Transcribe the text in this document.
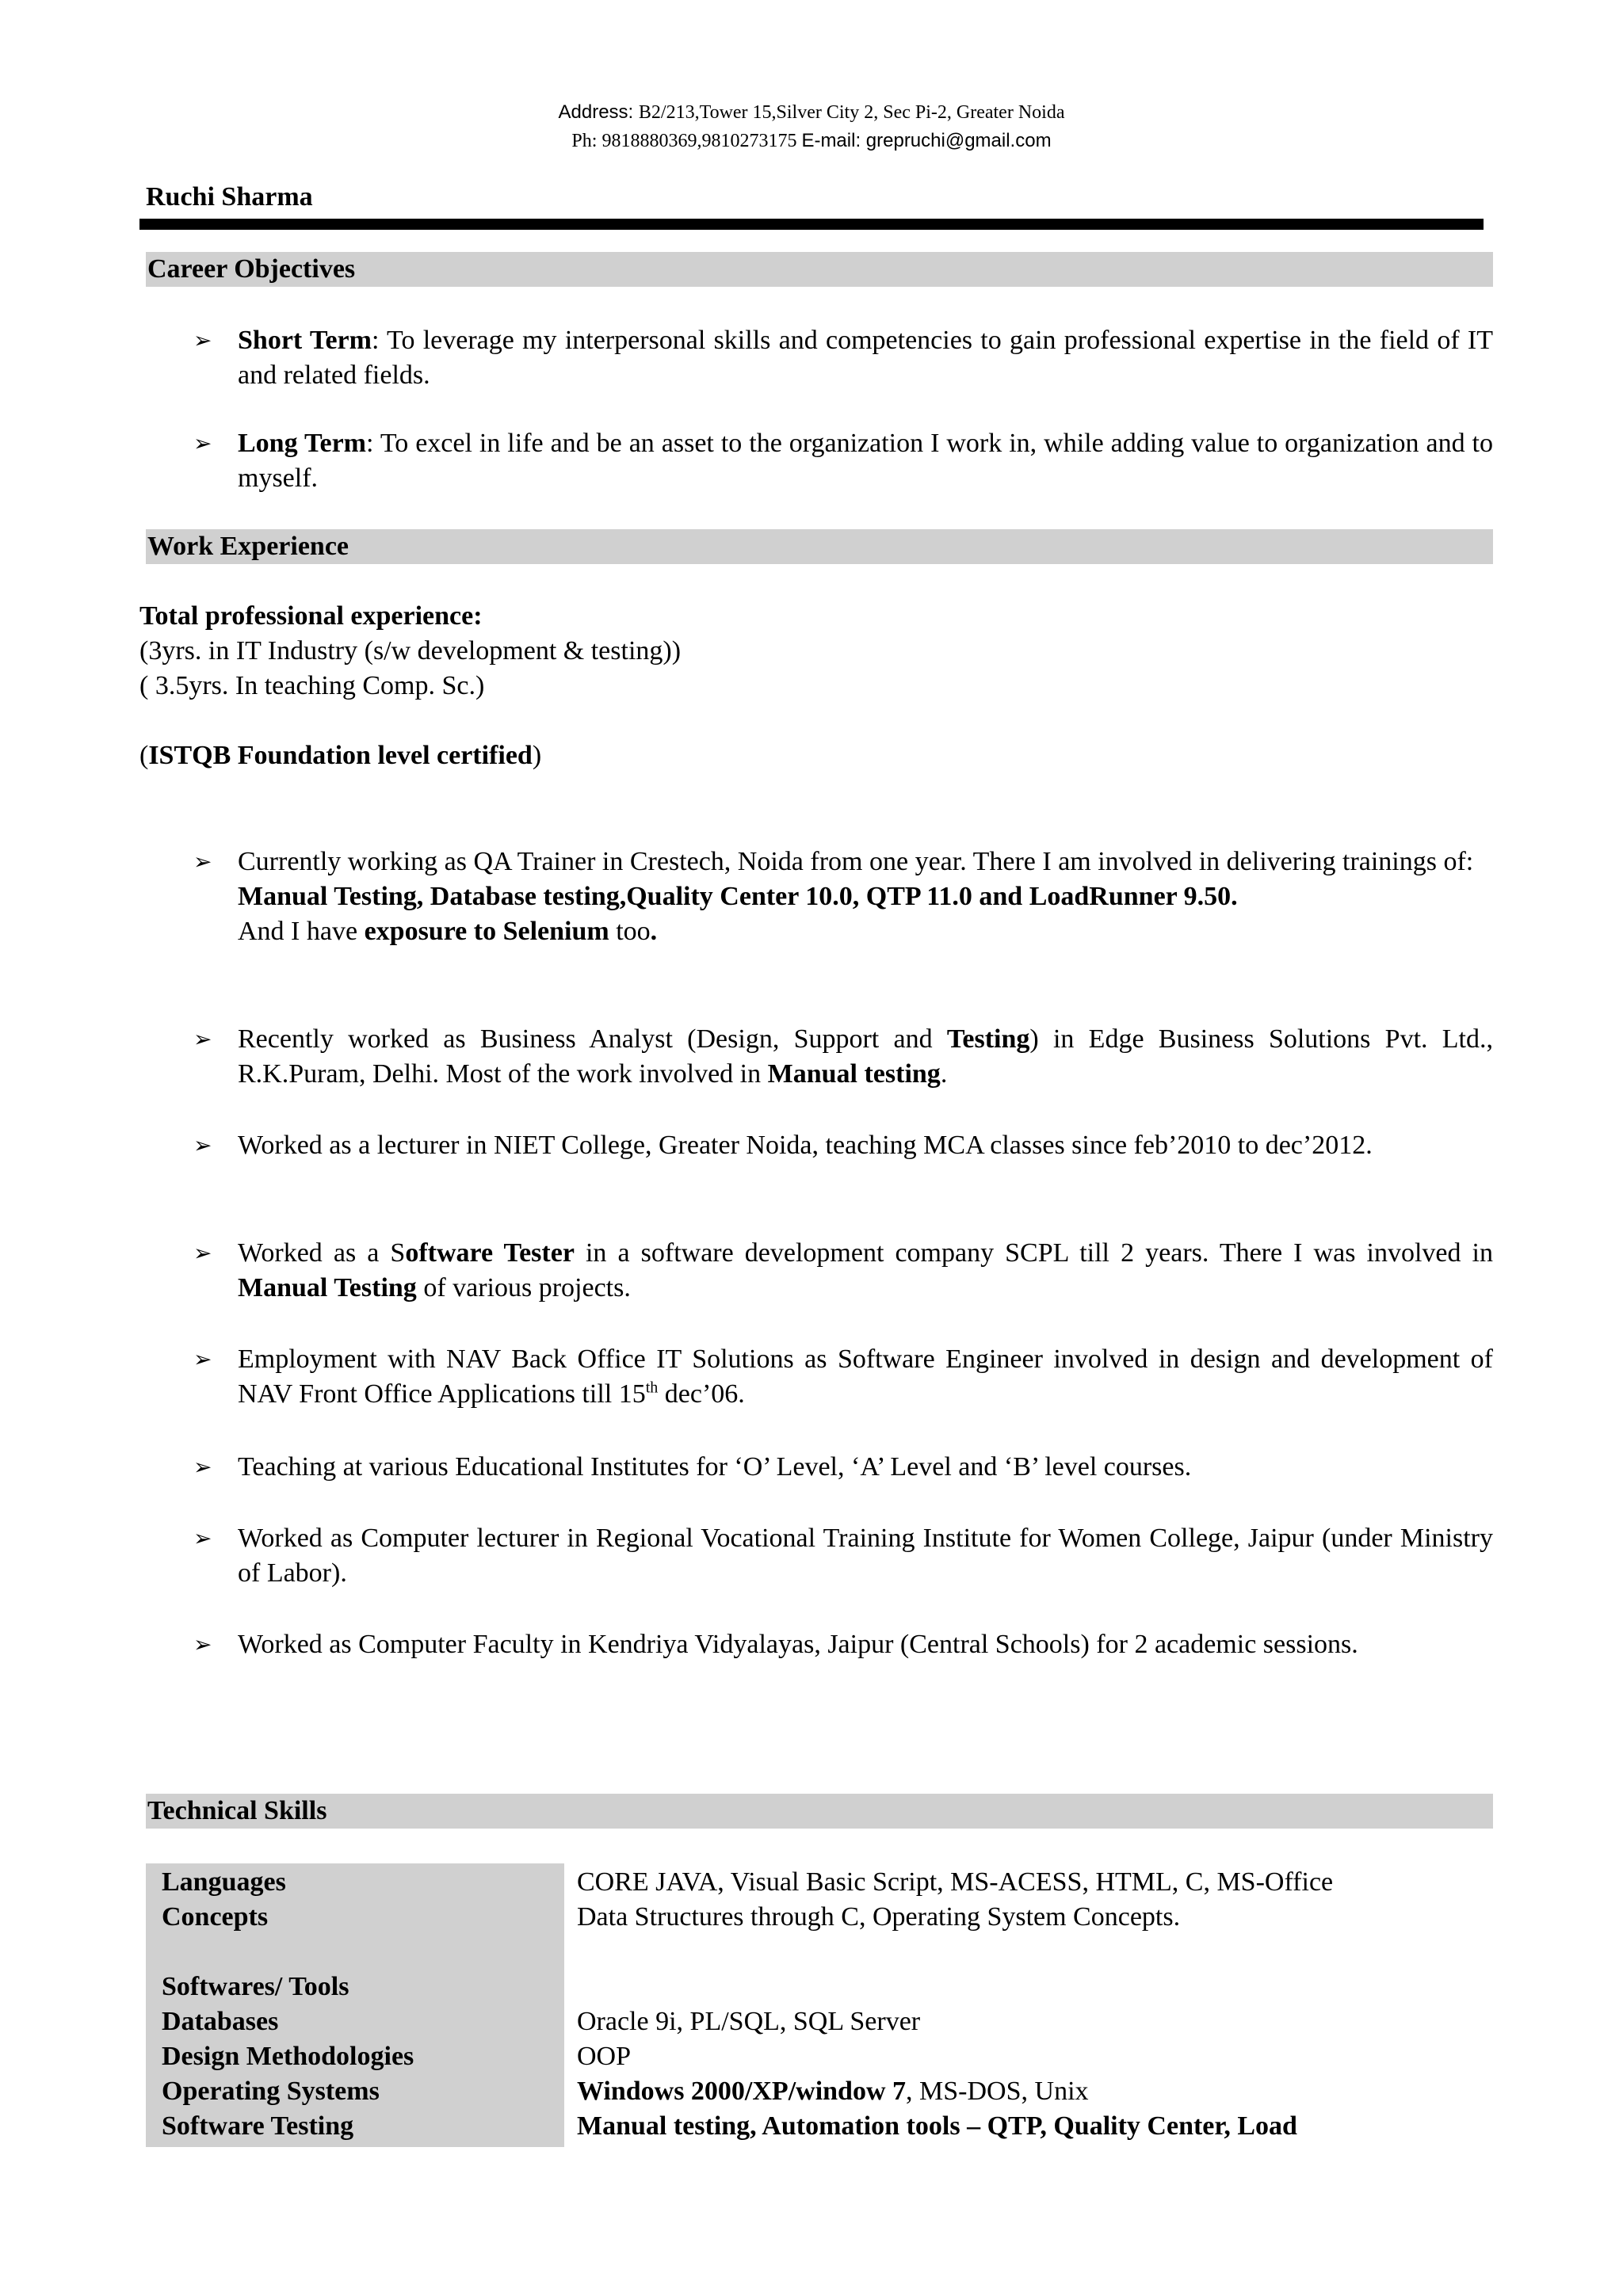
Address: B2/213,Tower 15,Silver City 2, Sec Pi-2, Greater Noida
Ph: 9818880369,9810273175 E-mail: grepruchi@gmail.com
Ruchi Sharma
Career Objectives
➢ Short Term: To leverage my interpersonal skills and competencies to gain professional expertise in the field of IT and related fields.
➢ Long Term: To excel in life and be an asset to the organization I work in, while adding value to organization and to myself.
Work Experience
Total professional experience:
(3yrs. in IT Industry (s/w development & testing))
( 3.5yrs. In teaching Comp. Sc.)
(ISTQB Foundation level certified)
➢ Currently working as QA Trainer in Crestech, Noida from one year. There I am involved in delivering trainings of:
Manual Testing, Database testing,Quality Center 10.0, QTP 11.0 and LoadRunner 9.50.
And I have exposure to Selenium too.
➢ Recently worked as Business Analyst (Design, Support and Testing) in Edge Business Solutions Pvt. Ltd., R.K.Puram, Delhi. Most of the work involved in Manual testing.
➢ Worked as a lecturer in NIET College, Greater Noida, teaching MCA classes since feb’2010 to dec’2012.
➢ Worked as a Software Tester in a software development company SCPL till 2 years. There I was involved in Manual Testing of various projects.
➢ Employment with NAV Back Office IT Solutions as Software Engineer involved in design and development of NAV Front Office Applications till 15th dec’06.
➢ Teaching at various Educational Institutes for ‘O’ Level, ‘A’ Level and ‘B’ level courses.
➢ Worked as Computer lecturer in Regional Vocational Training Institute for Women College, Jaipur (under Ministry of Labor).
➢ Worked as Computer Faculty in Kendriya Vidyalayas, Jaipur (Central Schools) for 2 academic sessions.
Technical Skills
Languages	CORE JAVA, Visual Basic Script, MS-ACESS, HTML, C, MS-Office
Concepts	Data Structures through C, Operating System Concepts.
Softwares/ Tools
Databases	Oracle 9i, PL/SQL, SQL Server
Design Methodologies	OOP
Operating Systems	Windows 2000/XP/window 7, MS-DOS, Unix
Software Testing	Manual testing, Automation tools – QTP, Quality Center, Load
